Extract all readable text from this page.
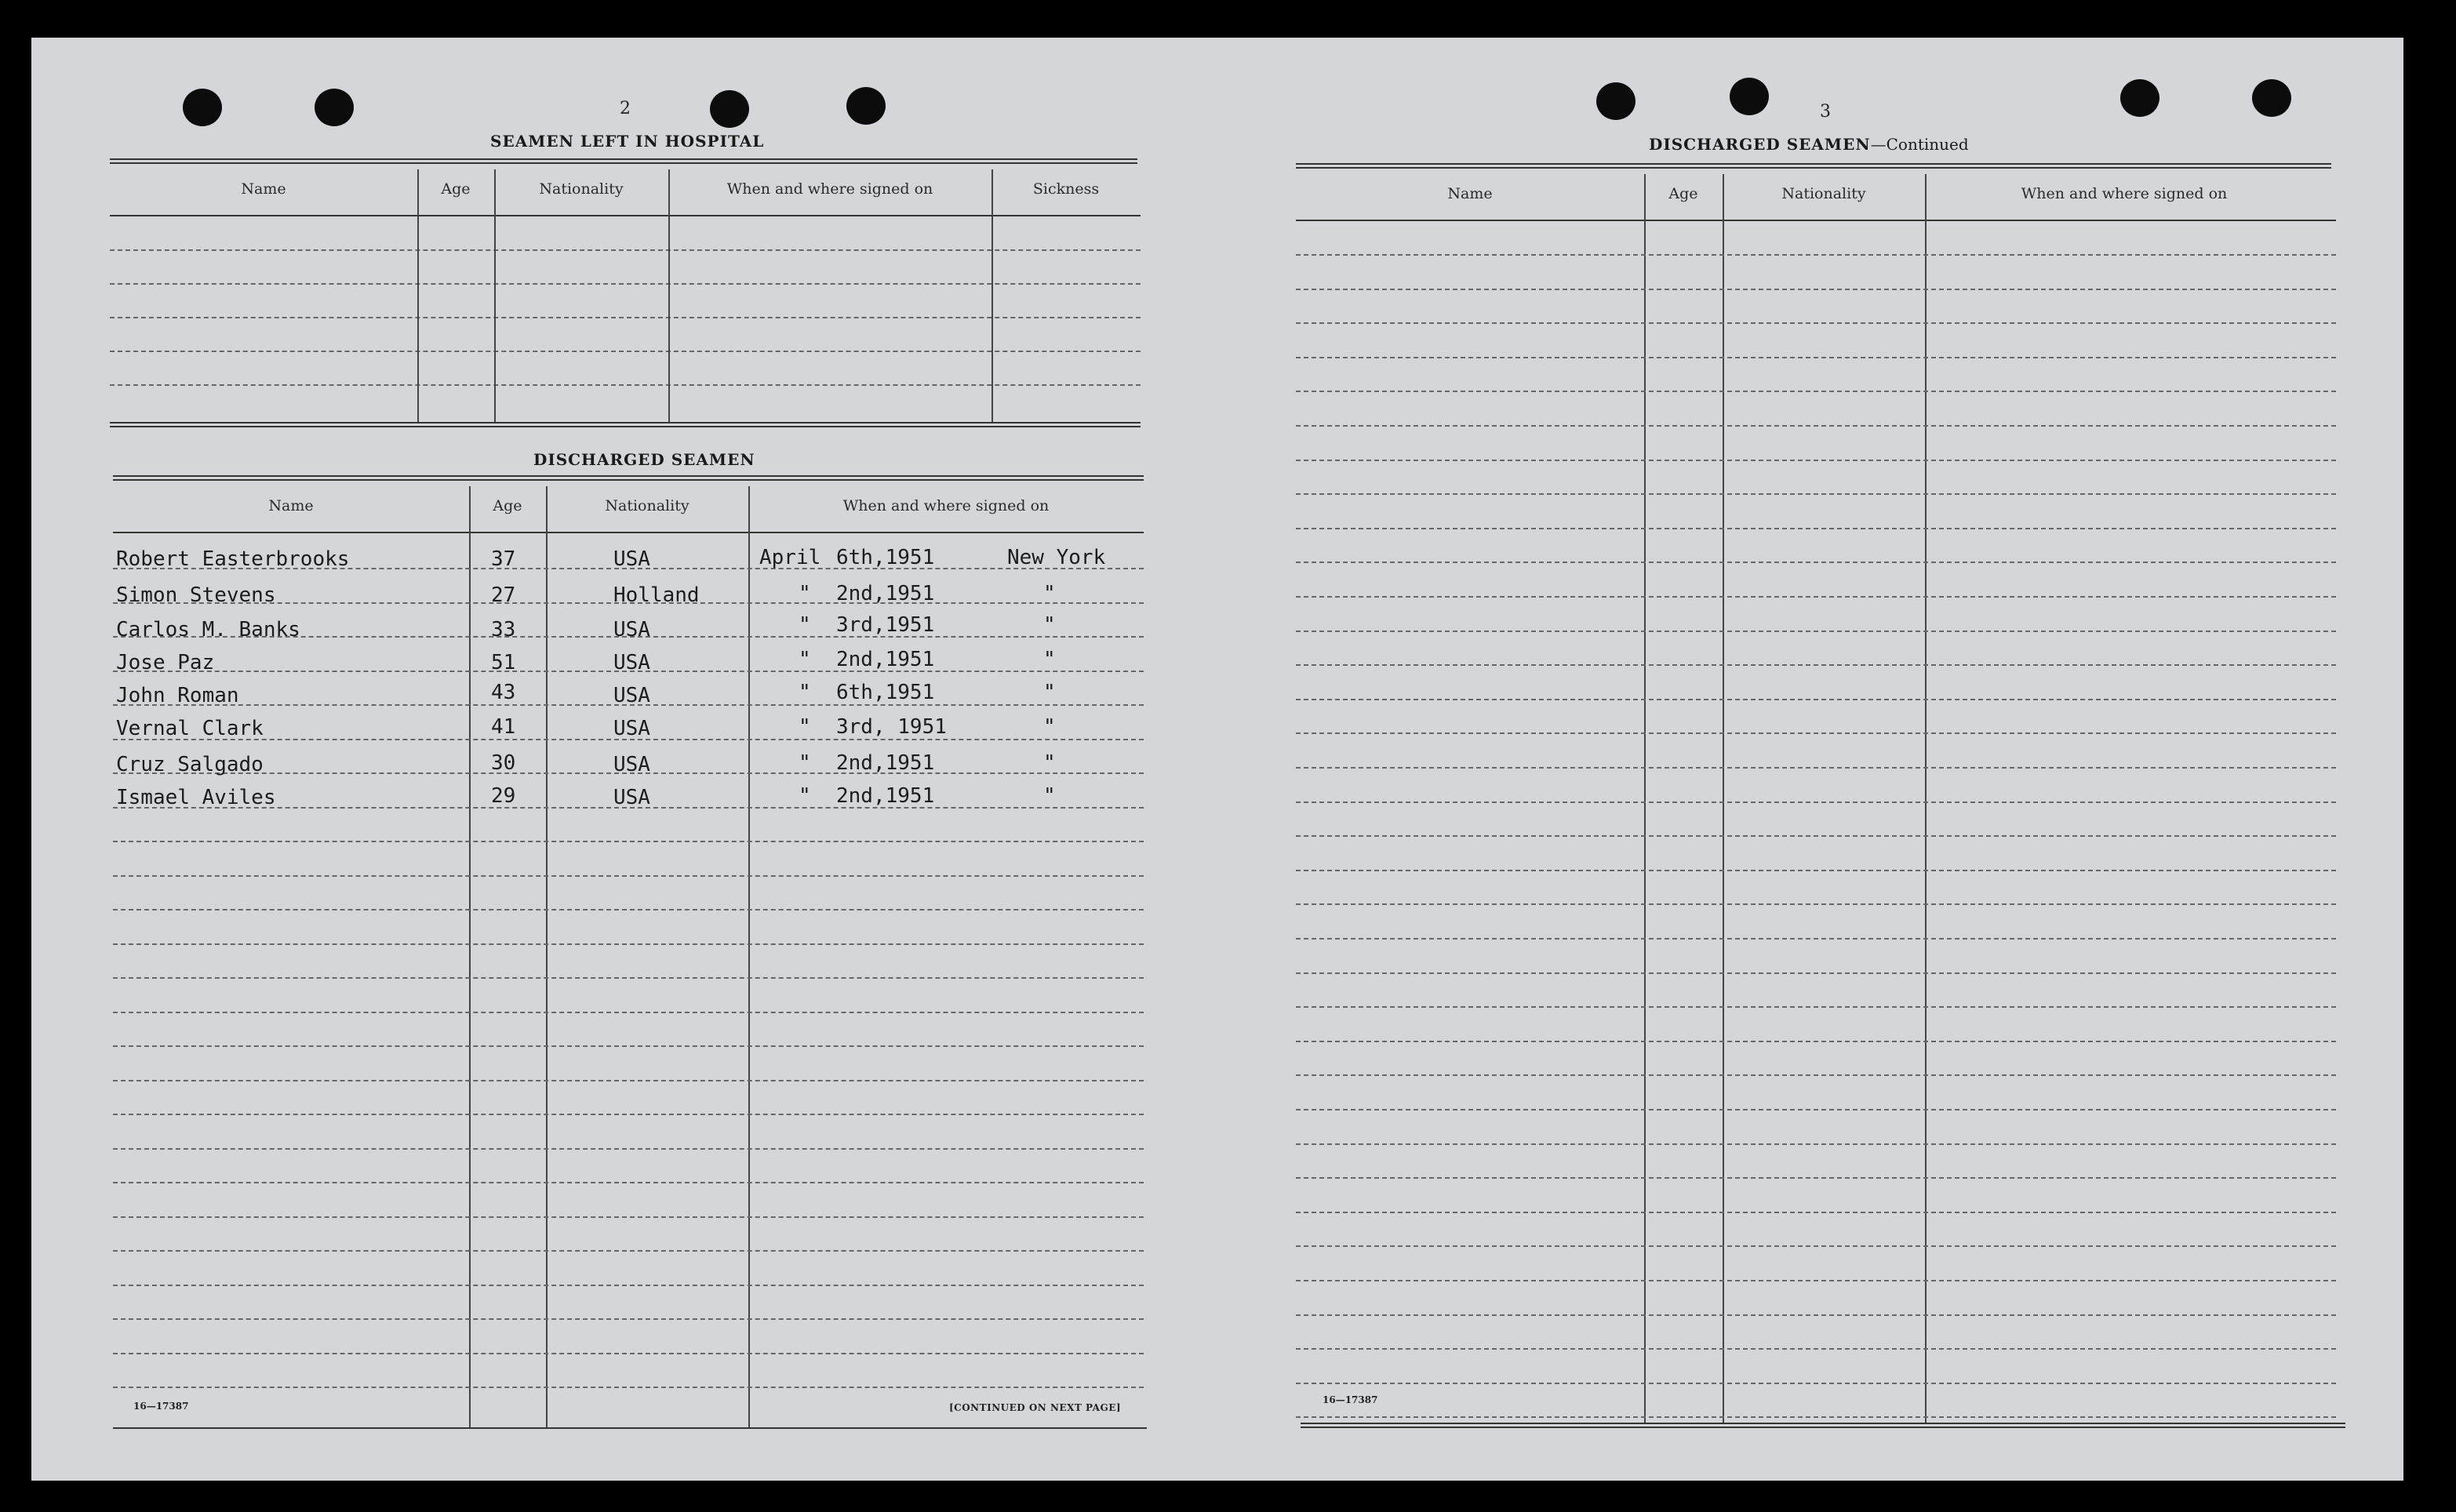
2
SEAMEN LEFT IN HOSPITAL
Name	Age	Nationality	When and where signed on	Sickness
DISCHARGED SEAMEN
Name	Age	Nationality	When and where signed on
Robert Easterbrooks	37	USA	April 6th,1951	New York
Simon Stevens	27	Holland	" 2nd,1951	"
Carlos M. Banks	33	USA	" 3rd,1951	"
Jose Paz	51	USA	" 2nd,1951	"
John Roman	43	USA	" 6th,1951	"
Vernal Clark	41	USA	" 3rd, 1951	"
Cruz Salgado	30	USA	" 2nd,1951	"
Ismael Aviles	29	USA	" 2nd,1951	"
16—17387	[CONTINUED ON NEXT PAGE]
3
DISCHARGED SEAMEN—Continued
Name	Age	Nationality	When and where signed on
16—17387
